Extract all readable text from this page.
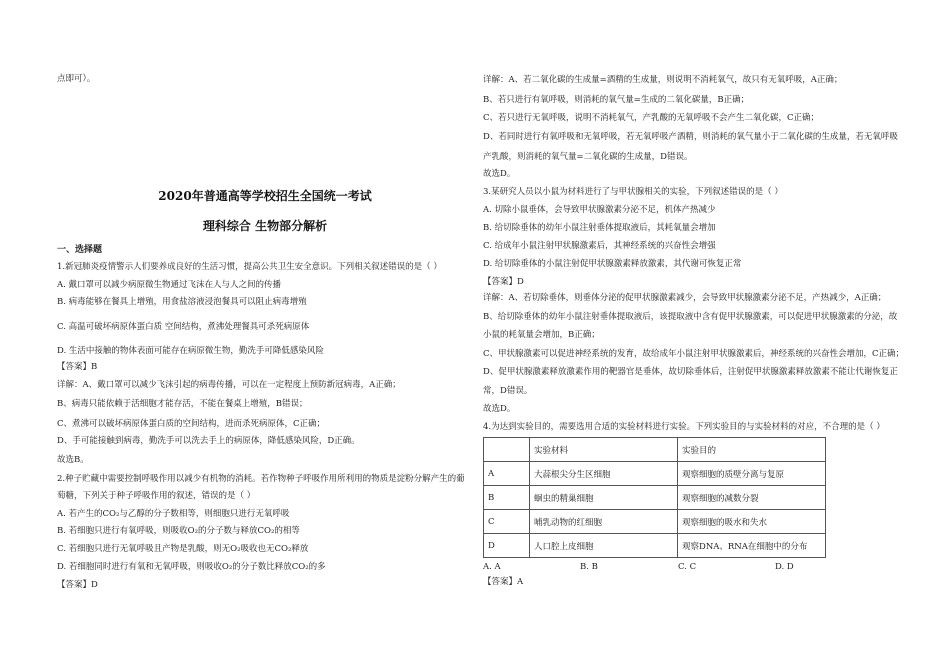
点即可）。
2020年普通高等学校招生全国统一考试
理科综合 生物部分解析
一、选择题
1.新冠肺炎疫情警示人们要养成良好的生活习惯，提高公共卫生安全意识。下列相关叙述错误的是（ ）
A. 戴口罩可以减少病原微生物通过飞沫在人与人之间的传播
B. 病毒能够在餐具上增殖，用食盐溶液浸泡餐具可以阻止病毒增殖
C. 高温可破坏病原体蛋白质 空间结构，煮沸处理餐具可杀死病原体
D. 生活中接触的物体表面可能存在病原微生物，勤洗手可降低感染风险
【答案】B
详解：A、戴口罩可以减少飞沫引起的病毒传播，可以在一定程度上预防新冠病毒，A正确；
B、病毒只能依赖于活细胞才能存活，不能在餐桌上增殖，B错误；
C、煮沸可以破坏病原体蛋白质的空间结构，进而杀死病原体，C正确；
D、手可能接触到病毒，勤洗手可以洗去手上的病原体，降低感染风险，D正确。
故选B。
2.种子贮藏中需要控制呼吸作用以减少有机物的消耗。若作物种子呼吸作用所利用的物质是淀粉分解产生的葡
萄糖，下列关于种子呼吸作用的叙述，错误的是（ ）
A. 若产生的CO₂与乙醇的分子数相等，则细胞只进行无氧呼吸
B. 若细胞只进行有氧呼吸，则吸收O₂的分子数与释放CO₂的相等
C. 若细胞只进行无氧呼吸且产物是乳酸，则无O₂吸收也无CO₂释放
D. 若细胞同时进行有氧和无氧呼吸，则吸收O₂的分子数比释放CO₂的多
【答案】D
详解：A、若二氧化碳的生成量=酒精的生成量，则说明不消耗氧气，故只有无氧呼吸，A正确；
B、若只进行有氧呼吸，则消耗的氧气量=生成的二氧化碳量，B正确；
C、若只进行无氧呼吸，说明不消耗氧气，产乳酸的无氧呼吸不会产生二氧化碳，C正确；
D、若同时进行有氧呼吸和无氧呼吸，若无氧呼吸产酒精，则消耗的氧气量小于二氧化碳的生成量，若无氧呼吸
产乳酸，则消耗的氧气量=二氧化碳的生成量，D错误。
故选D。
3.某研究人员以小鼠为材料进行了与甲状腺相关的实验，下列叙述错误的是（ ）
A. 切除小鼠垂体，会导致甲状腺激素分泌不足，机体产热减少
B. 给切除垂体的幼年小鼠注射垂体提取液后，其耗氧量会增加
C. 给成年小鼠注射甲状腺激素后，其神经系统的兴奋性会增强
D. 给切除垂体的小鼠注射促甲状腺激素释放激素，其代谢可恢复正常
【答案】D
详解：A、若切除垂体，则垂体分泌的促甲状腺激素减少，会导致甲状腺激素分泌不足，产热减少，A正确；
B、给切除垂体的幼年小鼠注射垂体提取液后，该提取液中含有促甲状腺激素，可以促进甲状腺激素的分泌，故
小鼠的耗氧量会增加，B正确；
C、甲状腺激素可以促进神经系统的发育，故给成年小鼠注射甲状腺激素后，神经系统的兴奋性会增加，C正确；
D、促甲状腺激素释放激素作用的靶器官是垂体，故切除垂体后，注射促甲状腺激素释放激素不能让代谢恢复正
常，D错误。
故选D。
4.为达到实验目的，需要选用合适的实验材料进行实验。下列实验目的与实验材料的对应，不合理的是（ ）
	实验材料	实验目的
A	大蒜根尖分生区细胞	观察细胞的质壁分离与复原
B	蛔虫的精巢细胞	观察细胞的减数分裂
C	哺乳动物的红细胞	观察细胞的吸水和失水
D	人口腔上皮细胞	观察DNA、RNA在细胞中的分布
A. A	B. B	C. C	D. D
【答案】A
